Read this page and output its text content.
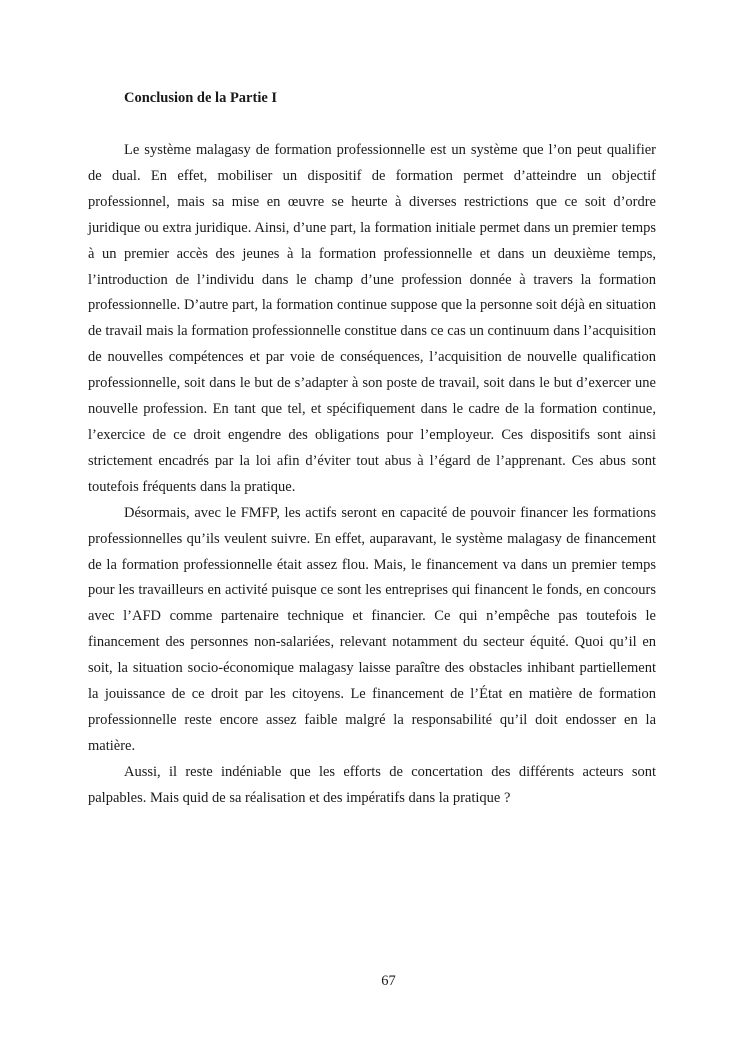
Conclusion de la Partie I

Le système malagasy de formation professionnelle est un système que l’on peut qualifier de dual. En effet, mobiliser un dispositif de formation permet d’atteindre un objectif professionnel, mais sa mise en œuvre se heurte à diverses restrictions que ce soit d’ordre juridique ou extra juridique. Ainsi, d’une part, la formation initiale permet dans un premier temps à un premier accès des jeunes à la formation professionnelle et dans un deuxième temps, l’introduction de l’individu dans le champ d’une profession donnée à travers la formation professionnelle. D’autre part, la formation continue suppose que la personne soit déjà en situation de travail mais la formation professionnelle constitue dans ce cas un continuum dans l’acquisition de nouvelles compétences et par voie de conséquences, l’acquisition de nouvelle qualification professionnelle, soit dans le but de s’adapter à son poste de travail, soit dans le but d’exercer une nouvelle profession. En tant que tel, et spécifiquement dans le cadre de la formation continue, l’exercice de ce droit engendre des obligations pour l’employeur. Ces dispositifs sont ainsi strictement encadrés par la loi afin d’éviter tout abus à l’égard de l’apprenant. Ces abus sont toutefois fréquents dans la pratique.

Désormais, avec le FMFP, les actifs seront en capacité de pouvoir financer les formations professionnelles qu’ils veulent suivre. En effet, auparavant, le système malagasy de financement de la formation professionnelle était assez flou. Mais, le financement va dans un premier temps pour les travailleurs en activité puisque ce sont les entreprises qui financent le fonds, en concours avec l’AFD comme partenaire technique et financier. Ce qui n’empêche pas toutefois le financement des personnes non-salariées, relevant notamment du secteur équité. Quoi qu’il en soit, la situation socio-économique malagasy laisse paraître des obstacles inhibant partiellement la jouissance de ce droit par les citoyens. Le financement de l’État en matière de formation professionnelle reste encore assez faible malgré la responsabilité qu’il doit endosser en la matière.

Aussi, il reste indéniable que les efforts de concertation des différents acteurs sont palpables. Mais quid de sa réalisation et des impératifs dans la pratique ?

67
